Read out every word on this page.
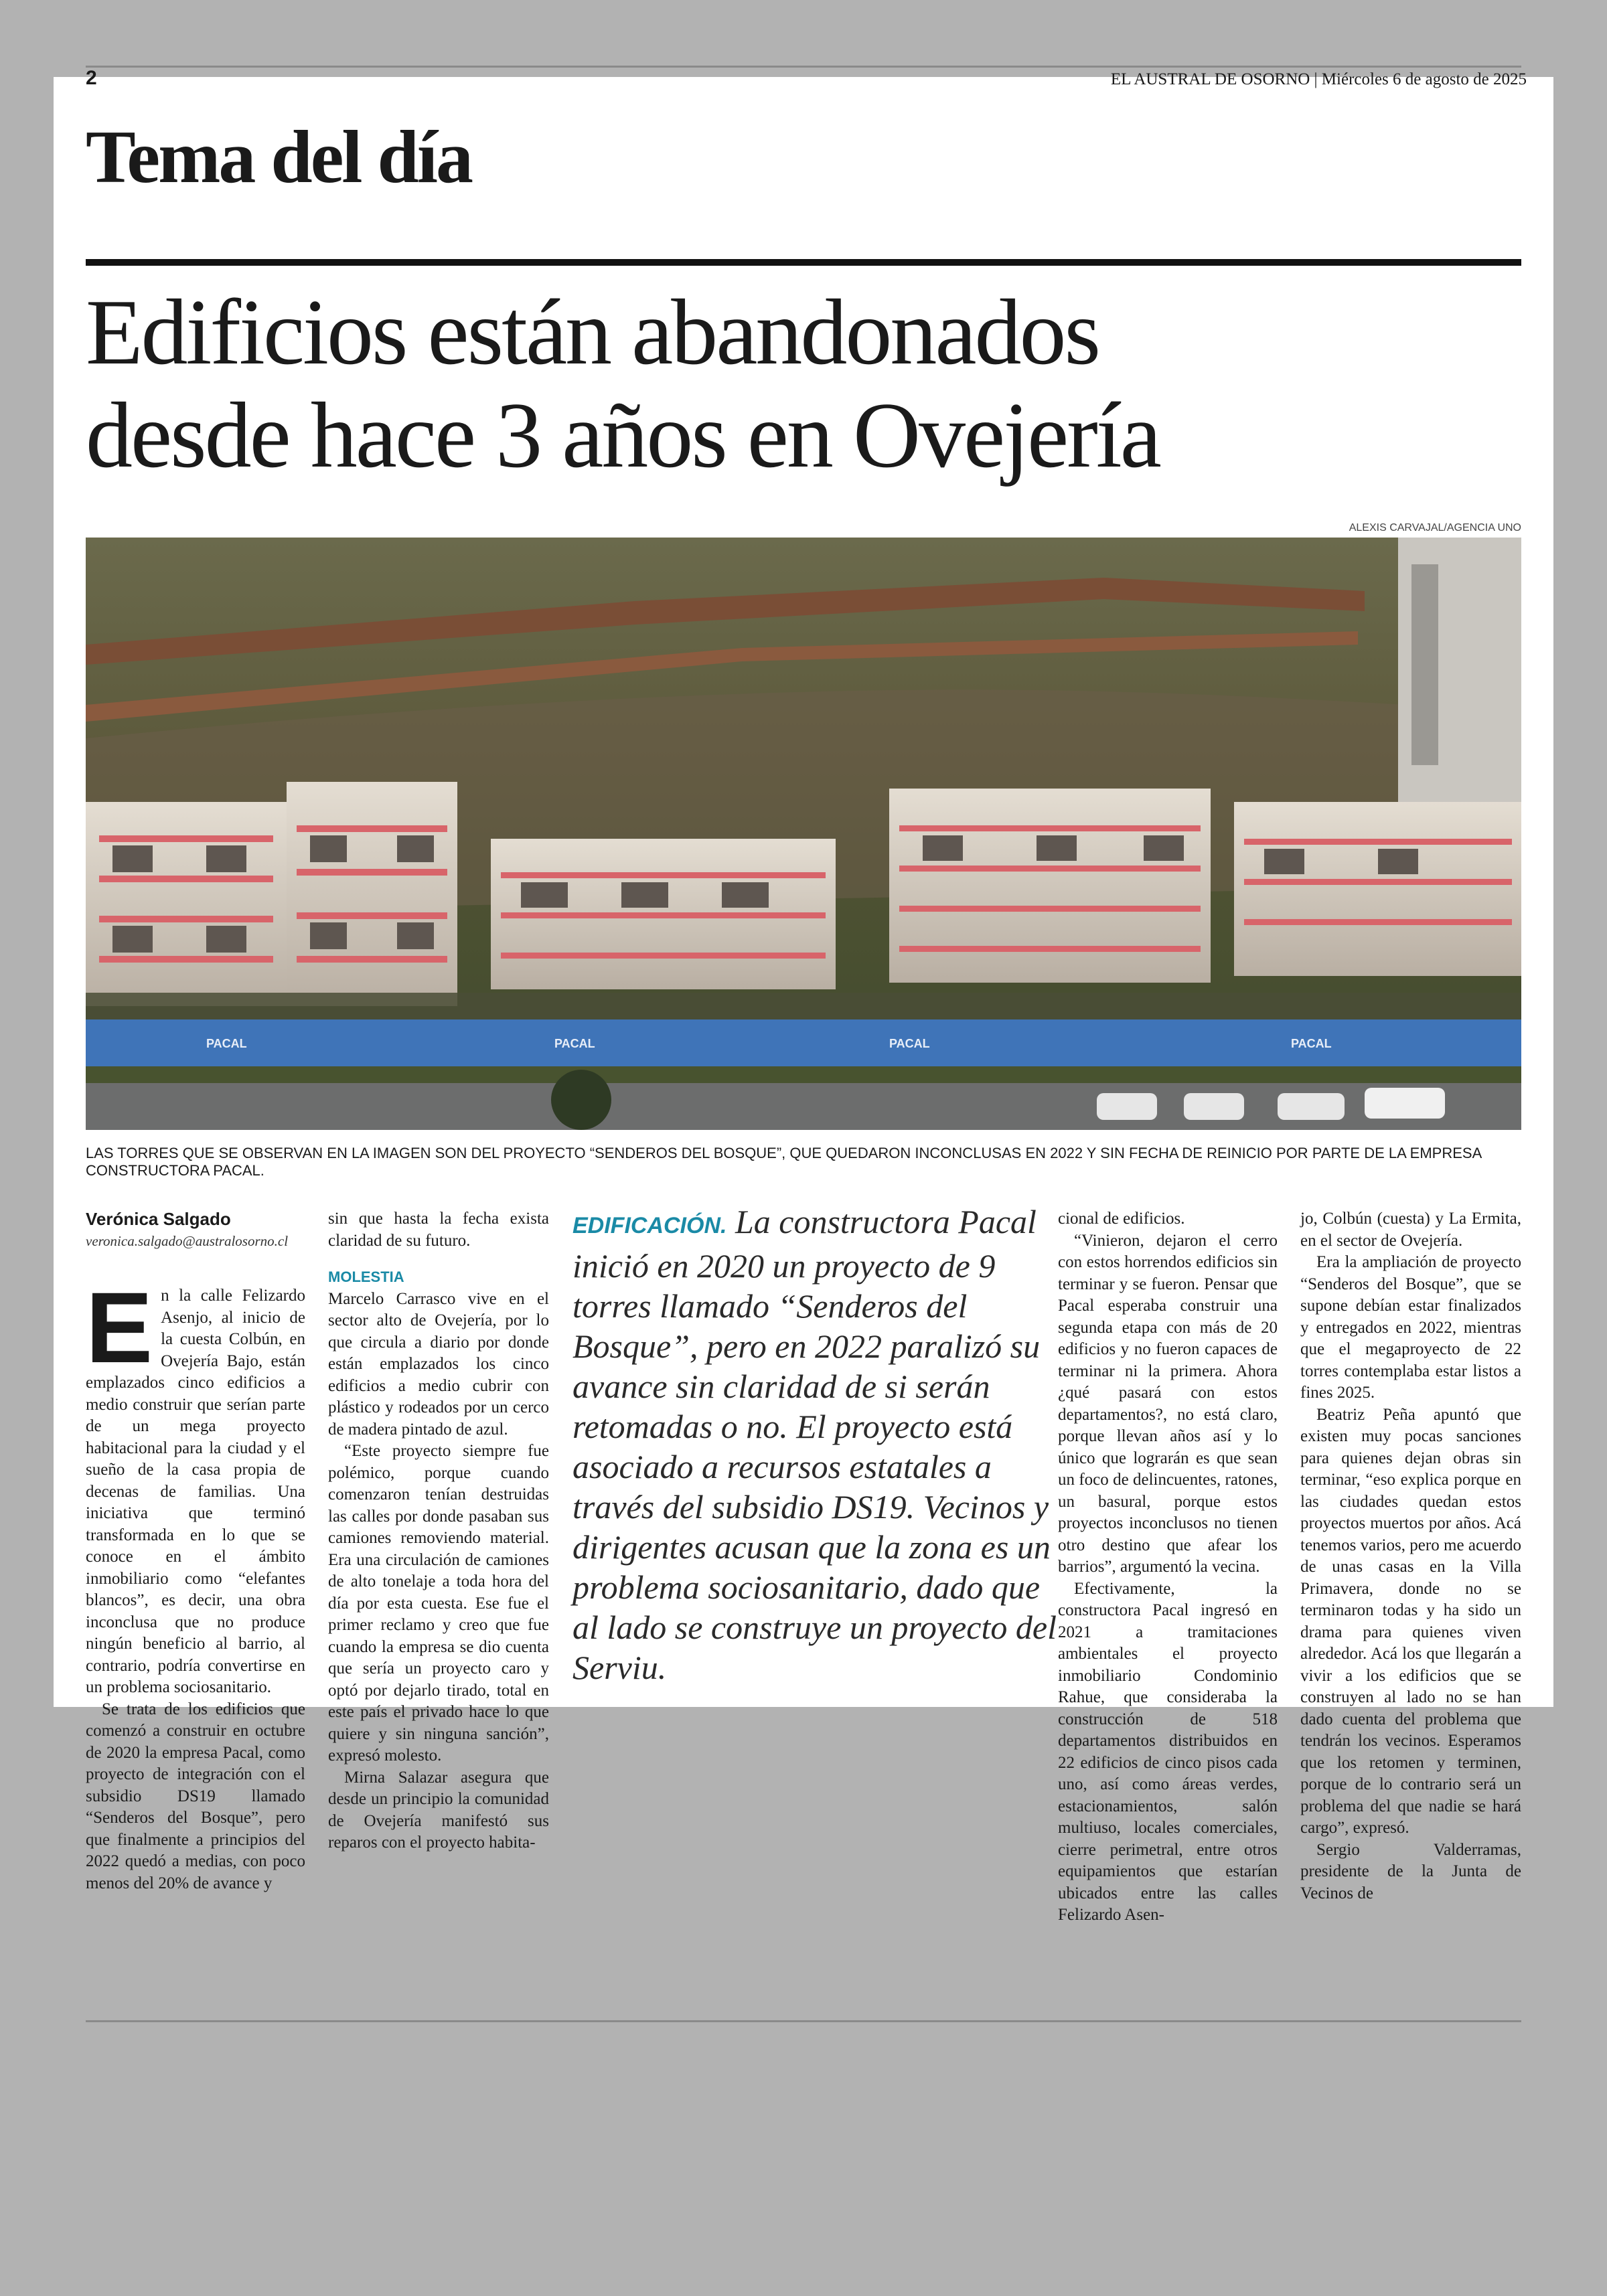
2	EL AUSTRAL DE OSORNO | Miércoles 6 de agosto de 2025
Tema del día
Edificios están abandonados
desde hace 3 años en Ovejería
ALEXIS CARVAJAL/AGENCIA UNO
PACAL	PACAL	PACAL	PACAL
LAS TORRES QUE SE OBSERVAN EN LA IMAGEN SON DEL PROYECTO “SENDEROS DEL BOSQUE”, QUE QUEDARON INCONCLUSAS EN 2022 Y SIN FECHA DE REINICIO POR PARTE DE LA EMPRESA CONSTRUCTORA PACAL.
Verónica Salgado
veronica.salgado@australosorno.cl

En la calle Felizardo Asenjo, al inicio de la cuesta Colbún, en Ovejería Bajo, están emplazados cinco edificios a medio construir que serían parte de un mega proyecto habitacional para la ciudad y el sueño de la casa propia de decenas de familias. Una iniciativa que terminó transformada en lo que se conoce en el ámbito inmobiliario como “elefantes blancos”, es decir, una obra inconclusa que no produce ningún beneficio al barrio, al contrario, podría convertirse en un problema sociosanitario.

Se trata de los edificios que comenzó a construir en octubre de 2020 la empresa Pacal, como proyecto de integración con el subsidio DS19 llamado “Senderos del Bosque”, pero que finalmente a principios del 2022 quedó a medias, con poco menos del 20% de avance y

sin que hasta la fecha exista claridad de su futuro.

MOLESTIA

Marcelo Carrasco vive en el sector alto de Ovejería, por lo que circula a diario por donde están emplazados los cinco edificios a medio cubrir con plástico y rodeados por un cerco de madera pintado de azul.

“Este proyecto siempre fue polémico, porque cuando comenzaron tenían destruidas las calles por donde pasaban sus camiones removiendo material. Era una circulación de camiones de alto tonelaje a toda hora del día por esta cuesta. Ese fue el primer reclamo y creo que fue cuando la empresa se dio cuenta que sería un proyecto caro y optó por dejarlo tirado, total en este país el privado hace lo que quiere y sin ninguna sanción”, expresó molesto.

Mirna Salazar asegura que desde un principio la comunidad de Ovejería manifestó sus reparos con el proyecto habita-

EDIFICACIÓN. La constructora Pacal inició en 2020 un proyecto de 9 torres llamado “Senderos del Bosque”, pero en 2022 paralizó su avance sin claridad de si serán retomadas o no. El proyecto está asociado a recursos estatales a través del subsidio DS19. Vecinos y dirigentes acusan que la zona es un problema sociosanitario, dado que al lado se construye un proyecto del Serviu.

cional de edificios.

“Vinieron, dejaron el cerro con estos horrendos edificios sin terminar y se fueron. Pensar que Pacal esperaba construir una segunda etapa con más de 20 edificios y no fueron capaces de terminar ni la primera. Ahora ¿qué pasará con estos departamentos?, no está claro, porque llevan años así y lo único que lograrán es que sean un foco de delincuentes, ratones, un basural, porque estos proyectos inconclusos no tienen otro destino que afear los barrios”, argumentó la vecina.

Efectivamente, la constructora Pacal ingresó en 2021 a tramitaciones ambientales el proyecto inmobiliario Condominio Rahue, que consideraba la construcción de 518 departamentos distribuidos en 22 edificios de cinco pisos cada uno, así como áreas verdes, estacionamientos, salón multiuso, locales comerciales, cierre perimetral, entre otros equipamientos que estarían ubicados entre las calles Felizardo Asen-

jo, Colbún (cuesta) y La Ermita, en el sector de Ovejería.

Era la ampliación de proyecto “Senderos del Bosque”, que se supone debían estar finalizados y entregados en 2022, mientras que el megaproyecto de 22 torres contemplaba estar listos a fines 2025.

Beatriz Peña apuntó que existen muy pocas sanciones para quienes dejan obras sin terminar, “eso explica porque en las ciudades quedan estos proyectos muertos por años. Acá tenemos varios, pero me acuerdo de unas casas en la Villa Primavera, donde no se terminaron todas y ha sido un drama para quienes viven alrededor. Acá los que llegarán a vivir a los edificios que se construyen al lado no se han dado cuenta del problema que tendrán los vecinos. Esperamos que los retomen y terminen, porque de lo contrario será un problema del que nadie se hará cargo”, expresó.

Sergio Valderramas, presidente de la Junta de Vecinos de
